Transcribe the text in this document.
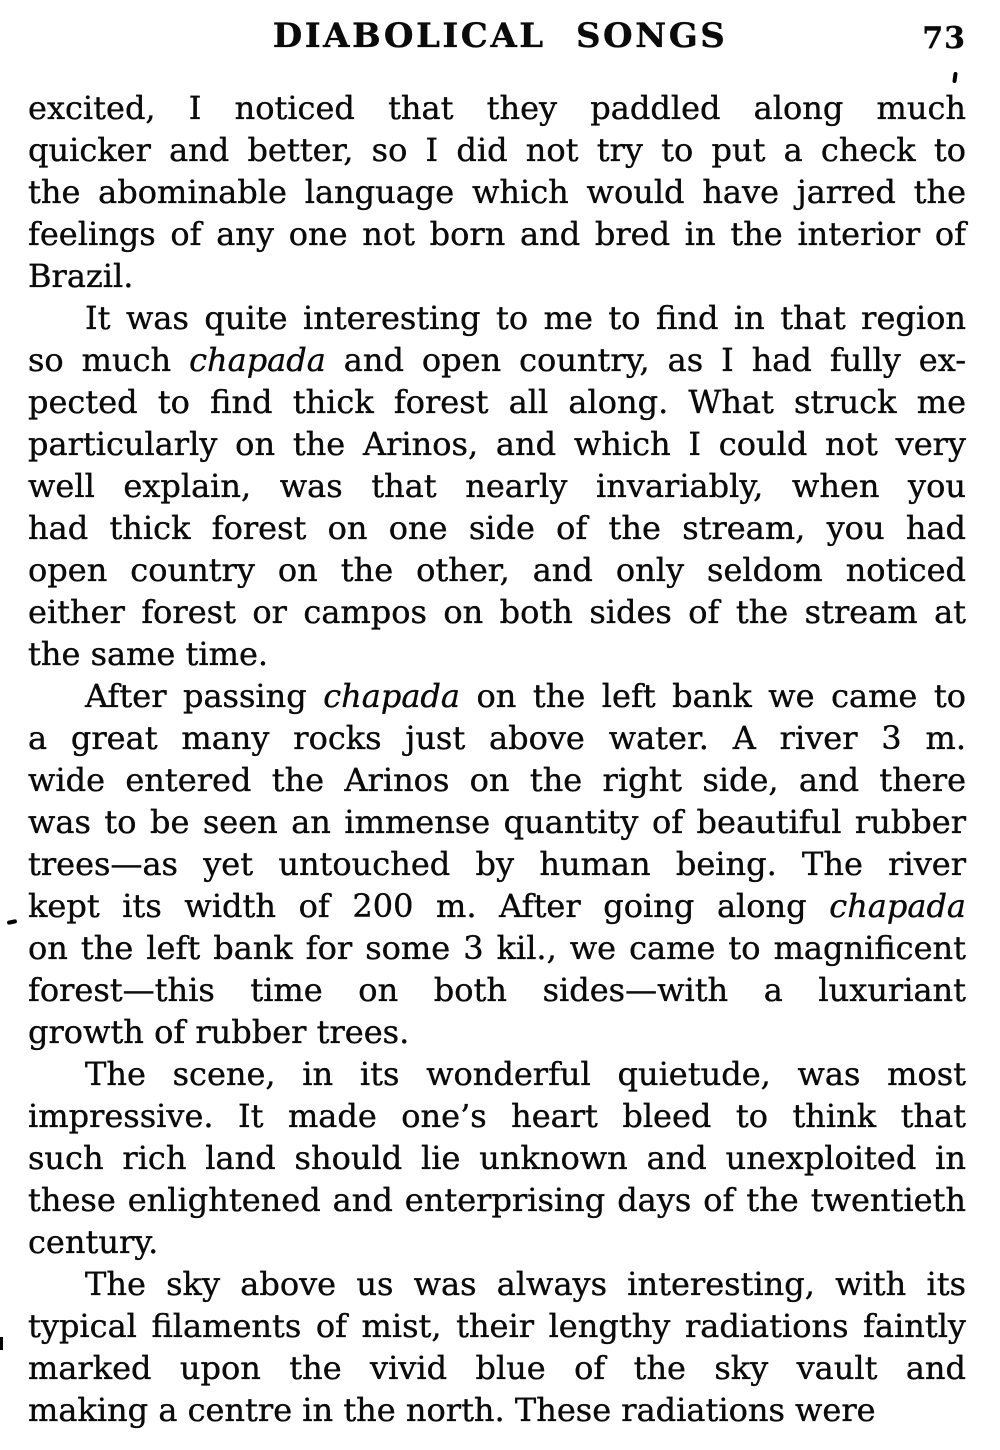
DIABOLICAL SONGS	73
excited, I noticed that they paddled along much
quicker and better, so I did not try to put a check to
the abominable language which would have jarred the
feelings of any one not born and bred in the interior of
Brazil.
It was quite interesting to me to find in that region
so much chapada and open country, as I had fully ex-
pected to find thick forest all along. What struck me
particularly on the Arinos, and which I could not very
well explain, was that nearly invariably, when you
had thick forest on one side of the stream, you had
open country on the other, and only seldom noticed
either forest or campos on both sides of the stream at
the same time.
After passing chapada on the left bank we came to
a great many rocks just above water. A river 3 m.
wide entered the Arinos on the right side, and there
was to be seen an immense quantity of beautiful rubber
trees—as yet untouched by human being. The river
kept its width of 200 m. After going along chapada
on the left bank for some 3 kil., we came to magnificent
forest—this time on both sides—with a luxuriant
growth of rubber trees.
The scene, in its wonderful quietude, was most
impressive. It made one’s heart bleed to think that
such rich land should lie unknown and unexploited in
these enlightened and enterprising days of the twentieth
century.
The sky above us was always interesting, with its
typical filaments of mist, their lengthy radiations faintly
marked upon the vivid blue of the sky vault and
making a centre in the north. These radiations were
